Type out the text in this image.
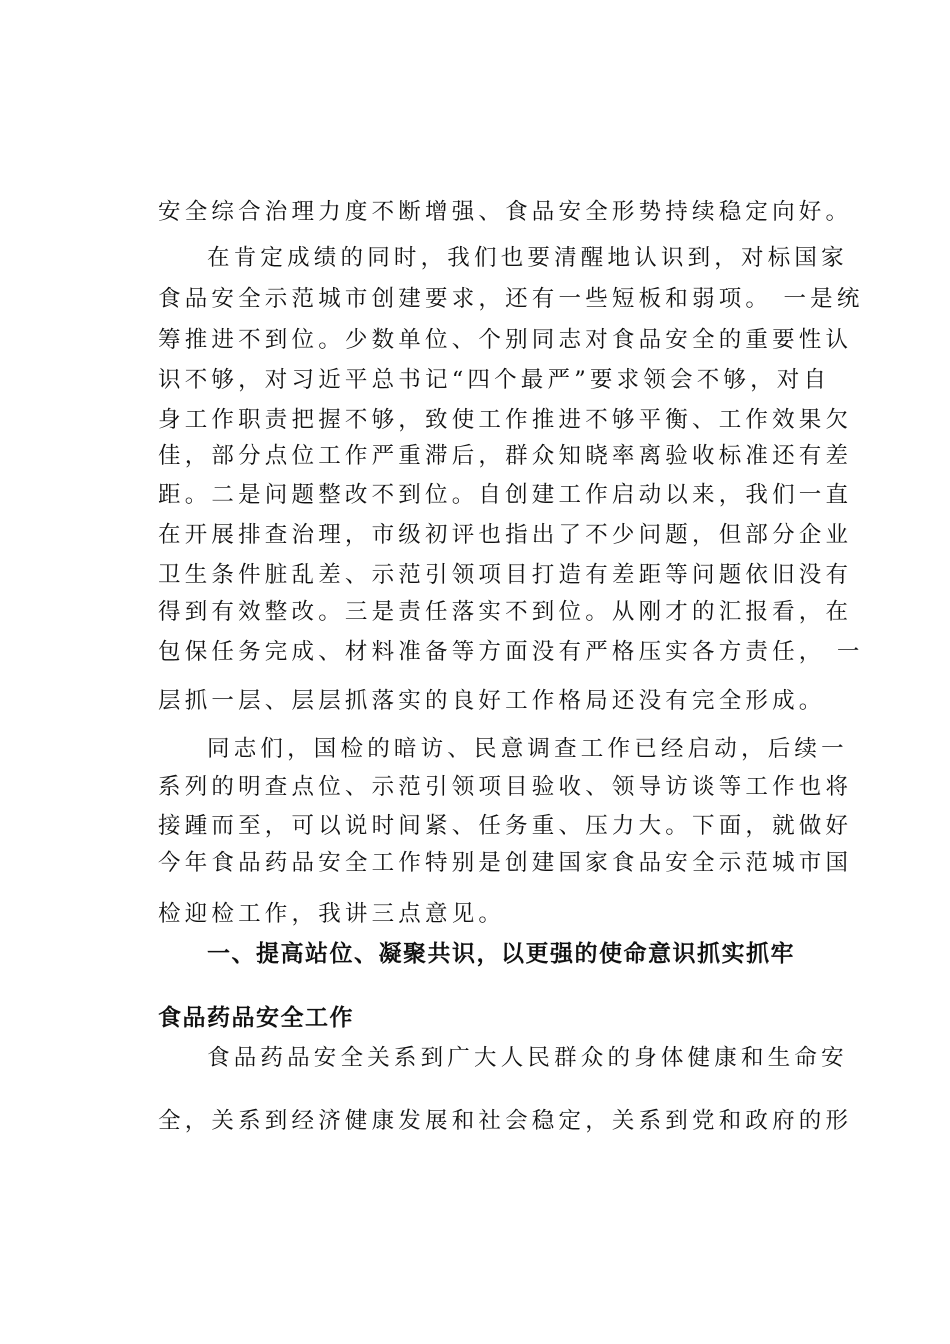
安全综合治理力度不断增强、食品安全形势持续稳定向好。
在肯定成绩的同时，我们也要清醒地认识到，对标国家
食品安全示范城市创建要求，还有一些短板和弱项。 一是统
筹推进不到位。少数单位、个别同志对食品安全的重要性认
识不够，对习近平总书记“四个最严”要求领会不够，对自
身工作职责把握不够，致使工作推进不够平衡、工作效果欠
佳，部分点位工作严重滞后，群众知晓率离验收标准还有差
距。二是问题整改不到位。自创建工作启动以来，我们一直
在开展排查治理，市级初评也指出了不少问题，但部分企业
卫生条件脏乱差、示范引领项目打造有差距等问题依旧没有
得到有效整改。三是责任落实不到位。从刚才的汇报看，在
包保任务完成、材料准备等方面没有严格压实各方责任， 一
层抓一层、层层抓落实的良好工作格局还没有完全形成。
同志们，国检的暗访、民意调查工作已经启动，后续一
系列的明查点位、示范引领项目验收、领导访谈等工作也将
接踵而至，可以说时间紧、任务重、压力大。下面，就做好
今年食品药品安全工作特别是创建国家食品安全示范城市国
检迎检工作，我讲三点意见。
一、提高站位、凝聚共识，以更强的使命意识抓实抓牢
食品药品安全工作
食品药品安全关系到广大人民群众的身体健康和生命安
全，关系到经济健康发展和社会稳定，关系到党和政府的形
